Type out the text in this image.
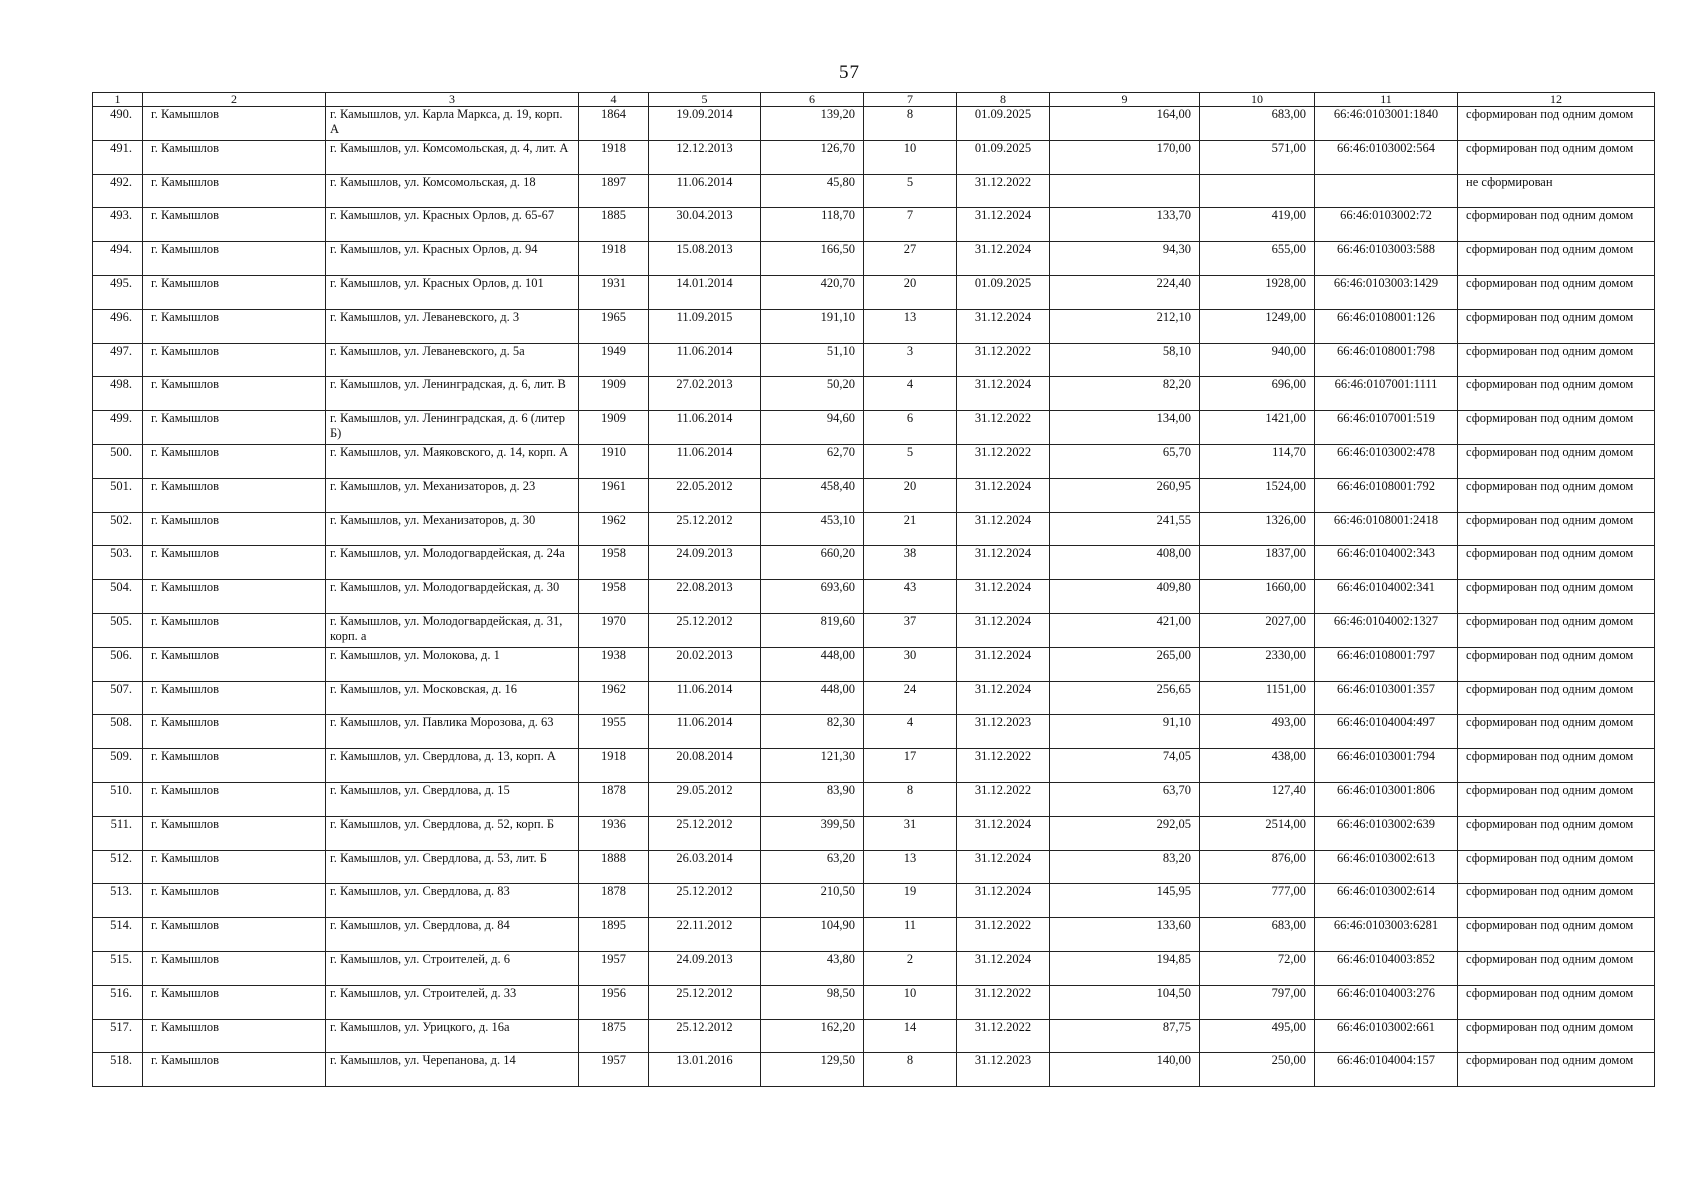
57
1	2	3	4	5	6	7	8	9	10	11	12
490.	г. Камышлов	г. Камышлов, ул. Карла Маркса, д. 19, корп. А	1864	19.09.2014	139,20	8	01.09.2025	164,00	683,00	66:46:0103001:1840	сформирован под одним домом
491.	г. Камышлов	г. Камышлов, ул. Комсомольская, д. 4, лит. А	1918	12.12.2013	126,70	10	01.09.2025	170,00	571,00	66:46:0103002:564	сформирован под одним домом
492.	г. Камышлов	г. Камышлов, ул. Комсомольская, д. 18	1897	11.06.2014	45,80	5	31.12.2022				не сформирован
493.	г. Камышлов	г. Камышлов, ул. Красных Орлов, д. 65-67	1885	30.04.2013	118,70	7	31.12.2024	133,70	419,00	66:46:0103002:72	сформирован под одним домом
494.	г. Камышлов	г. Камышлов, ул. Красных Орлов, д. 94	1918	15.08.2013	166,50	27	31.12.2024	94,30	655,00	66:46:0103003:588	сформирован под одним домом
495.	г. Камышлов	г. Камышлов, ул. Красных Орлов, д. 101	1931	14.01.2014	420,70	20	01.09.2025	224,40	1928,00	66:46:0103003:1429	сформирован под одним домом
496.	г. Камышлов	г. Камышлов, ул. Леваневского, д. 3	1965	11.09.2015	191,10	13	31.12.2024	212,10	1249,00	66:46:0108001:126	сформирован под одним домом
497.	г. Камышлов	г. Камышлов, ул. Леваневского, д. 5а	1949	11.06.2014	51,10	3	31.12.2022	58,10	940,00	66:46:0108001:798	сформирован под одним домом
498.	г. Камышлов	г. Камышлов, ул. Ленинградская, д. 6, лит. В	1909	27.02.2013	50,20	4	31.12.2024	82,20	696,00	66:46:0107001:1111	сформирован под одним домом
499.	г. Камышлов	г. Камышлов, ул. Ленинградская, д. 6 (литер Б)	1909	11.06.2014	94,60	6	31.12.2022	134,00	1421,00	66:46:0107001:519	сформирован под одним домом
500.	г. Камышлов	г. Камышлов, ул. Маяковского, д. 14, корп. А	1910	11.06.2014	62,70	5	31.12.2022	65,70	114,70	66:46:0103002:478	сформирован под одним домом
501.	г. Камышлов	г. Камышлов, ул. Механизаторов, д. 23	1961	22.05.2012	458,40	20	31.12.2024	260,95	1524,00	66:46:0108001:792	сформирован под одним домом
502.	г. Камышлов	г. Камышлов, ул. Механизаторов, д. 30	1962	25.12.2012	453,10	21	31.12.2024	241,55	1326,00	66:46:0108001:2418	сформирован под одним домом
503.	г. Камышлов	г. Камышлов, ул. Молодогвардейская, д. 24а	1958	24.09.2013	660,20	38	31.12.2024	408,00	1837,00	66:46:0104002:343	сформирован под одним домом
504.	г. Камышлов	г. Камышлов, ул. Молодогвардейская, д. 30	1958	22.08.2013	693,60	43	31.12.2024	409,80	1660,00	66:46:0104002:341	сформирован под одним домом
505.	г. Камышлов	г. Камышлов, ул. Молодогвардейская, д. 31, корп. а	1970	25.12.2012	819,60	37	31.12.2024	421,00	2027,00	66:46:0104002:1327	сформирован под одним домом
506.	г. Камышлов	г. Камышлов, ул. Молокова, д. 1	1938	20.02.2013	448,00	30	31.12.2024	265,00	2330,00	66:46:0108001:797	сформирован под одним домом
507.	г. Камышлов	г. Камышлов, ул. Московская, д. 16	1962	11.06.2014	448,00	24	31.12.2024	256,65	1151,00	66:46:0103001:357	сформирован под одним домом
508.	г. Камышлов	г. Камышлов, ул. Павлика Морозова, д. 63	1955	11.06.2014	82,30	4	31.12.2023	91,10	493,00	66:46:0104004:497	сформирован под одним домом
509.	г. Камышлов	г. Камышлов, ул. Свердлова, д. 13, корп. А	1918	20.08.2014	121,30	17	31.12.2022	74,05	438,00	66:46:0103001:794	сформирован под одним домом
510.	г. Камышлов	г. Камышлов, ул. Свердлова, д. 15	1878	29.05.2012	83,90	8	31.12.2022	63,70	127,40	66:46:0103001:806	сформирован под одним домом
511.	г. Камышлов	г. Камышлов, ул. Свердлова, д. 52, корп. Б	1936	25.12.2012	399,50	31	31.12.2024	292,05	2514,00	66:46:0103002:639	сформирован под одним домом
512.	г. Камышлов	г. Камышлов, ул. Свердлова, д. 53, лит. Б	1888	26.03.2014	63,20	13	31.12.2024	83,20	876,00	66:46:0103002:613	сформирован под одним домом
513.	г. Камышлов	г. Камышлов, ул. Свердлова, д. 83	1878	25.12.2012	210,50	19	31.12.2024	145,95	777,00	66:46:0103002:614	сформирован под одним домом
514.	г. Камышлов	г. Камышлов, ул. Свердлова, д. 84	1895	22.11.2012	104,90	11	31.12.2022	133,60	683,00	66:46:0103003:6281	сформирован под одним домом
515.	г. Камышлов	г. Камышлов, ул. Строителей, д. 6	1957	24.09.2013	43,80	2	31.12.2024	194,85	72,00	66:46:0104003:852	сформирован под одним домом
516.	г. Камышлов	г. Камышлов, ул. Строителей, д. 33	1956	25.12.2012	98,50	10	31.12.2022	104,50	797,00	66:46:0104003:276	сформирован под одним домом
517.	г. Камышлов	г. Камышлов, ул. Урицкого, д. 16а	1875	25.12.2012	162,20	14	31.12.2022	87,75	495,00	66:46:0103002:661	сформирован под одним домом
518.	г. Камышлов	г. Камышлов, ул. Черепанова, д. 14	1957	13.01.2016	129,50	8	31.12.2023	140,00	250,00	66:46:0104004:157	сформирован под одним домом
